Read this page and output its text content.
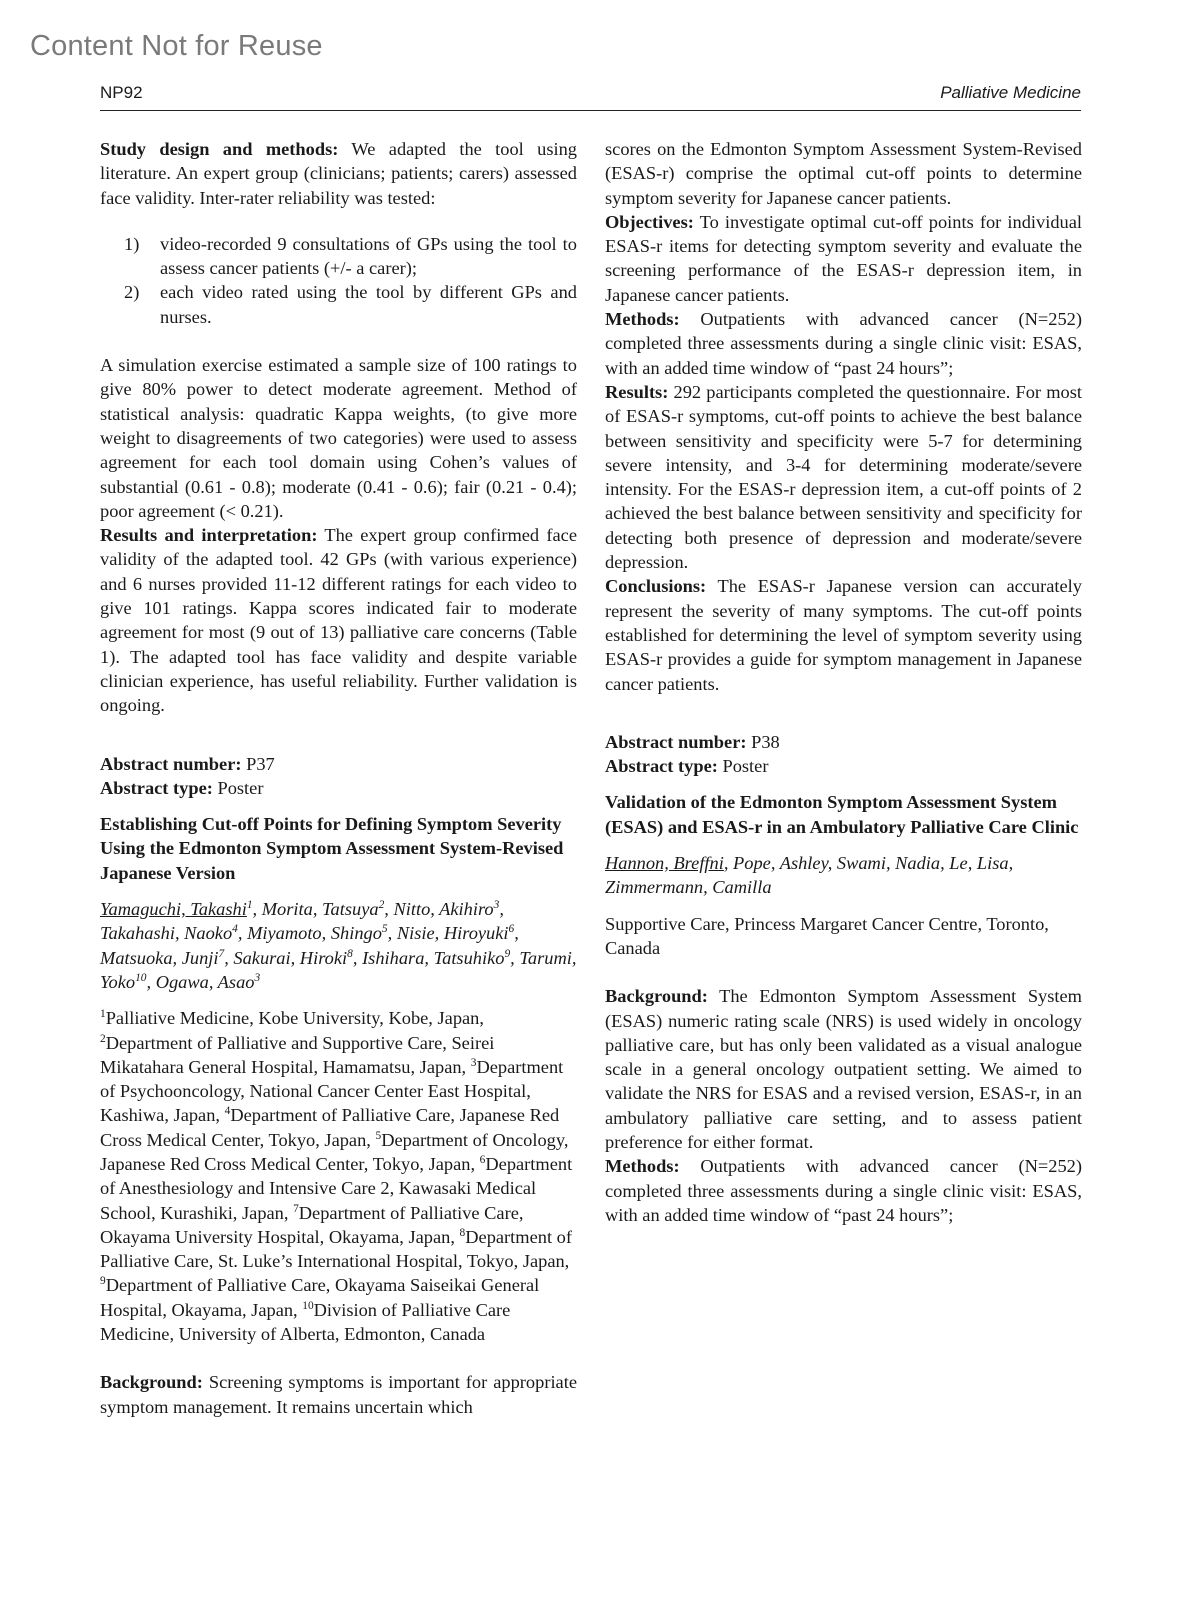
Content Not for Reuse
NP92	Palliative Medicine

Study design and methods: We adapted the tool using literature. An expert group (clinicians; patients; carers) assessed face validity. Inter-rater reliability was tested:

1) video-recorded 9 consultations of GPs using the tool to assess cancer patients (+/- a carer);
2) each video rated using the tool by different GPs and nurses.

A simulation exercise estimated a sample size of 100 ratings to give 80% power to detect moderate agreement. Method of statistical analysis: quadratic Kappa weights, (to give more weight to disagreements of two categories) were used to assess agreement for each tool domain using Cohen’s values of substantial (0.61 - 0.8); moderate (0.41 - 0.6); fair (0.21 - 0.4); poor agreement (< 0.21).

Results and interpretation: The expert group confirmed face validity of the adapted tool. 42 GPs (with various experience) and 6 nurses provided 11-12 different ratings for each video to give 101 ratings. Kappa scores indicated fair to moderate agreement for most (9 out of 13) palliative care concerns (Table 1). The adapted tool has face validity and despite variable clinician experience, has useful reliability. Further validation is ongoing.

Abstract number: P37

Abstract type: Poster

Establishing Cut-off Points for Defining Symptom Severity Using the Edmonton Symptom Assessment System-Revised Japanese Version

Yamaguchi, Takashi$^1$, Morita, Tatsuya$^2$, Nitto, Akihiro$^3$, Takahashi, Naoko$^4$, Miyamoto, Shingo$^5$, Nisie, Hiroyuki$^6$, Matsuoka, Junji$^7$, Sakurai, Hiroki$^8$, Ishihara, Tatsuhiko$^9$, Tarumi, Yoko$^{10}$, Ogawa, Asao$^3$

$^1$Palliative Medicine, Kobe University, Kobe, Japan, $^2$Department of Palliative and Supportive Care, Seirei Mikatahara General Hospital, Hamamatsu, Japan, $^3$Department of Psychooncology, National Cancer Center East Hospital, Kashiwa, Japan, $^4$Department of Palliative Care, Japanese Red Cross Medical Center, Tokyo, Japan, $^5$Department of Oncology, Japanese Red Cross Medical Center, Tokyo, Japan, $^6$Department of Anesthesiology and Intensive Care 2, Kawasaki Medical School, Kurashiki, Japan, $^7$Department of Palliative Care, Okayama University Hospital, Okayama, Japan, $^8$Department of Palliative Care, St. Luke’s International Hospital, Tokyo, Japan, $^9$Department of Palliative Care, Okayama Saiseikai General Hospital, Okayama, Japan, $^{10}$Division of Palliative Care Medicine, University of Alberta, Edmonton, Canada

Background: Screening symptoms is important for appropriate symptom management. It remains uncertain which

scores on the Edmonton Symptom Assessment System-Revised (ESAS-r) comprise the optimal cut-off points to determine symptom severity for Japanese cancer patients.

Objectives: To investigate optimal cut-off points for individual ESAS-r items for detecting symptom severity and evaluate the screening performance of the ESAS-r depression item, in Japanese cancer patients.

Methods: Outpatients with advanced cancer (N=252) completed three assessments during a single clinic visit: ESAS, with an added time window of “past 24 hours”;

Results: 292 participants completed the questionnaire. For most of ESAS-r symptoms, cut-off points to achieve the best balance between sensitivity and specificity were 5-7 for determining severe intensity, and 3-4 for determining moderate/severe intensity. For the ESAS-r depression item, a cut-off points of 2 achieved the best balance between sensitivity and specificity for detecting both presence of depression and moderate/severe depression.

Conclusions: The ESAS-r Japanese version can accurately represent the severity of many symptoms. The cut-off points established for determining the level of symptom severity using ESAS-r provides a guide for symptom management in Japanese cancer patients.

Abstract number: P38

Abstract type: Poster

Validation of the Edmonton Symptom Assessment System (ESAS) and ESAS-r in an Ambulatory Palliative Care Clinic

Hannon, Breffni, Pope, Ashley, Swami, Nadia, Le, Lisa, Zimmermann, Camilla

Supportive Care, Princess Margaret Cancer Centre, Toronto, Canada

Background: The Edmonton Symptom Assessment System (ESAS) numeric rating scale (NRS) is used widely in oncology palliative care, but has only been validated as a visual analogue scale in a general oncology outpatient setting. We aimed to validate the NRS for ESAS and a revised version, ESAS-r, in an ambulatory palliative care setting, and to assess patient preference for either format.

Methods: Outpatients with advanced cancer (N=252) completed three assessments during a single clinic visit: ESAS, with an added time window of “past 24 hours”;
